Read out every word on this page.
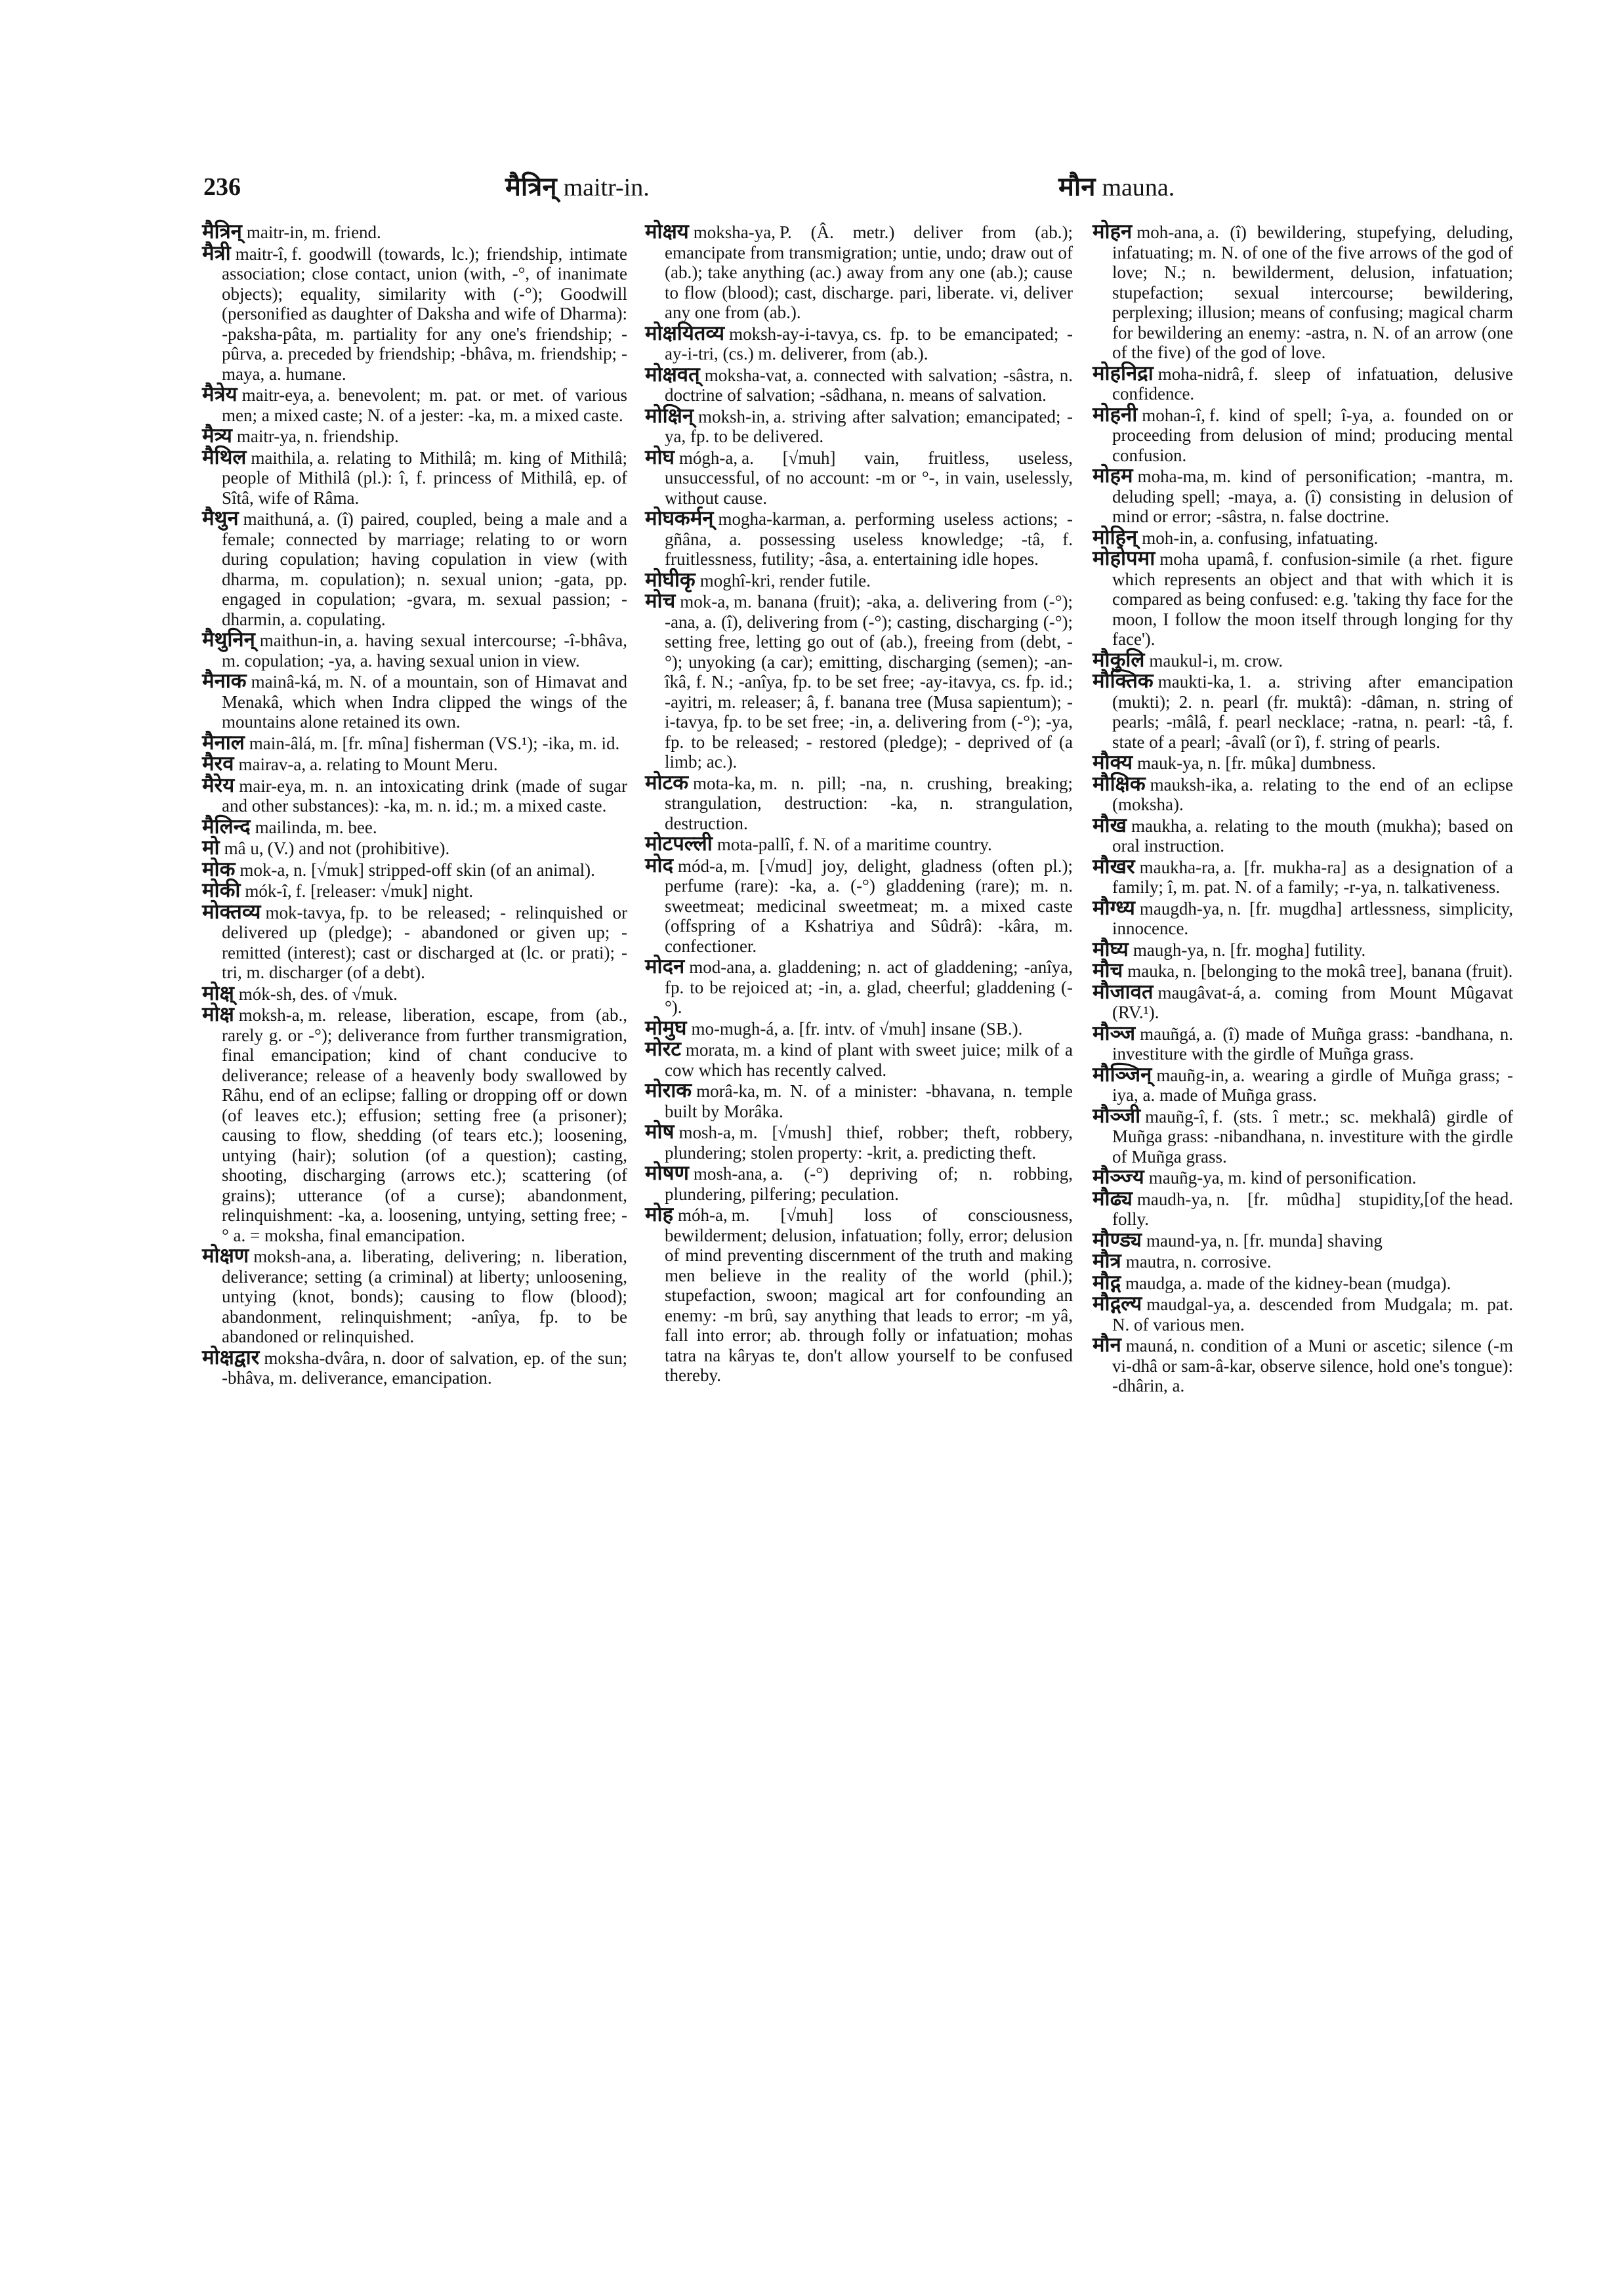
236	मैत्रिन् maitr-in.	मौन mauna.

मैत्रिन् maitr-in, m. friend.

मैत्री maitr-î, f. goodwill (towards, lc.); friendship, intimate association; close contact, union (with, -°, of inanimate objects); equality, similarity with (-°); Goodwill (personified as daughter of Daksha and wife of Dharma): -paksha-pâta, m. partiality for any one's friendship; -pûrva, a. preceded by friendship; -bhâva, m. friendship; -maya, a. humane.

मैत्रेय maitr-eya, a. benevolent; m. pat. or met. of various men; a mixed caste; N. of a jester: -ka, m. a mixed caste.

मैत्र्य maitr-ya, n. friendship.

मैथिल maithila, a. relating to Mithilâ; m. king of Mithilâ; people of Mithilâ (pl.): î, f. princess of Mithilâ, ep. of Sîtâ, wife of Râma.

मैथुन maithuná, a. (î) paired, coupled, being a male and a female; connected by marriage; relating to or worn during copulation; having copulation in view (with dharma, m. copulation); n. sexual union; -gata, pp. engaged in copulation; -gvara, m. sexual passion; -dharmin, a. copulating.

मैथुनिन् maithun-in, a. having sexual intercourse; -î-bhâva, m. copulation; -ya, a. having sexual union in view.

मैनाक mainâ-ká, m. N. of a mountain, son of Himavat and Menakâ, which when Indra clipped the wings of the mountains alone retained its own.

मैनाल main-âlá, m. [fr. mîna] fisherman (VS.¹); -ika, m. id.

मैरव mairav-a, a. relating to Mount Meru.

मैरेय mair-eya, m. n. an intoxicating drink (made of sugar and other substances): -ka, m. n. id.; m. a mixed caste.

मैलिन्द mailinda, m. bee.

मो mâ u, (V.) and not (prohibitive).

मोक mok-a, n. [√muk] stripped-off skin (of an animal).

मोकी mók-î, f. [releaser: √muk] night.

मोक्तव्य mok-tavya, fp. to be released; - relinquished or delivered up (pledge); - abandoned or given up; - remitted (interest); cast or discharged at (lc. or prati); -tri, m. discharger (of a debt).

मोक्ष् mók-sh, des. of √muk.

मोक्ष moksh-a, m. release, liberation, escape, from (ab., rarely g. or -°); deliverance from further transmigration, final emancipation; kind of chant conducive to deliverance; release of a heavenly body swallowed by Râhu, end of an eclipse; falling or dropping off or down (of leaves etc.); effusion; setting free (a prisoner); causing to flow, shedding (of tears etc.); loosening, untying (hair); solution (of a question); casting, shooting, discharging (arrows etc.); scattering (of grains); utterance (of a curse); abandonment, relinquishment: -ka, a. loosening, untying, setting free; -° a. = moksha, final emancipation.

मोक्षण moksh-ana, a. liberating, delivering; n. liberation, deliverance; setting (a criminal) at liberty; unloosening, untying (knot, bonds); causing to flow (blood); abandonment, relinquishment; -anîya, fp. to be abandoned or relinquished.

मोक्षद्वार moksha-dvâra, n. door of salvation, ep. of the sun; -bhâva, m. deliverance, emancipation.

मोक्षय moksha-ya, P. (Â. metr.) deliver from (ab.); emancipate from transmigration; untie, undo; draw out of (ab.); take anything (ac.) away from any one (ab.); cause to flow (blood); cast, discharge. pari, liberate. vi, deliver any one from (ab.).

मोक्षयितव्य moksh-ay-i-tavya, cs. fp. to be emancipated; -ay-i-tri, (cs.) m. deliverer, from (ab.).

मोक्षवत् moksha-vat, a. connected with salvation; -sâstra, n. doctrine of salvation; -sâdhana, n. means of salvation.

मोक्षिन् moksh-in, a. striving after salvation; emancipated; -ya, fp. to be delivered.

मोघ mógh-a, a. [√muh] vain, fruitless, useless, unsuccessful, of no account: -m or °-, in vain, uselessly, without cause.

मोघकर्मन् mogha-karman, a. performing useless actions; -gñâna, a. possessing useless knowledge; -tâ, f. fruitlessness, futility; -âsa, a. entertaining idle hopes.

मोघीकृ moghî-kri, render futile.

मोच mok-a, m. banana (fruit); -aka, a. delivering from (-°); -ana, a. (î), delivering from (-°); casting, discharging (-°); setting free, letting go out of (ab.), freeing from (debt, -°); unyoking (a car); emitting, discharging (semen); -an-îkâ, f. N.; -anîya, fp. to be set free; -ay-itavya, cs. fp. id.; -ayitri, m. releaser; â, f. banana tree (Musa sapientum); -i-tavya, fp. to be set free; -in, a. delivering from (-°); -ya, fp. to be released; - restored (pledge); - deprived of (a limb; ac.).

मोटक mota-ka, m. n. pill; -na, n. crushing, breaking; strangulation, destruction: -ka, n. strangulation, destruction.

मोटपल्ली mota-pallî, f. N. of a maritime country.

मोद mód-a, m. [√mud] joy, delight, gladness (often pl.); perfume (rare): -ka, a. (-°) gladdening (rare); m. n. sweetmeat; medicinal sweetmeat; m. a mixed caste (offspring of a Kshatriya and Sûdrâ): -kâra, m. confectioner.

मोदन mod-ana, a. gladdening; n. act of gladdening; -anîya, fp. to be rejoiced at; -in, a. glad, cheerful; gladdening (-°).

मोमुघ mo-mugh-á, a. [fr. intv. of √muh] insane (SB.).

मोरट morata, m. a kind of plant with sweet juice; milk of a cow which has recently calved.

मोराक morâ-ka, m. N. of a minister: -bhavana, n. temple built by Morâka.

मोष mosh-a, m. [√mush] thief, robber; theft, robbery, plundering; stolen property: -krit, a. predicting theft.

मोषण mosh-ana, a. (-°) depriving of; n. robbing, plundering, pilfering; peculation.

मोह móh-a, m. [√muh] loss of consciousness, bewilderment; delusion, infatuation; folly, error; delusion of mind preventing discernment of the truth and making men believe in the reality of the world (phil.); stupefaction, swoon; magical art for confounding an enemy: -m brû, say anything that leads to error; -m yâ, fall into error; ab. through folly or infatuation; mohas tatra na kâryas te, don't allow yourself to be confused thereby.

मोहन moh-ana, a. (î) bewildering, stupefying, deluding, infatuating; m. N. of one of the five arrows of the god of love; N.; n. bewilderment, delusion, infatuation; stupefaction; sexual intercourse; bewildering, perplexing; illusion; means of confusing; magical charm for bewildering an enemy: -astra, n. N. of an arrow (one of the five) of the god of love.

मोहनिद्रा moha-nidrâ, f. sleep of infatuation, delusive confidence.

मोहनी mohan-î, f. kind of spell; î-ya, a. founded on or proceeding from delusion of mind; producing mental confusion.

मोहम moha-ma, m. kind of personification; -mantra, m. deluding spell; -maya, a. (î) consisting in delusion of mind or error; -sâstra, n. false doctrine.

मोहिन् moh-in, a. confusing, infatuating.

मोहोपमा moha upamâ, f. confusion-simile (a rhet. figure which represents an object and that with which it is compared as being confused: e.g. 'taking thy face for the moon, I follow the moon itself through longing for thy face').

मौकुलि maukul-i, m. crow.

मौक्तिक maukti-ka, 1. a. striving after emancipation (mukti); 2. n. pearl (fr. muktâ): -dâman, n. string of pearls; -mâlâ, f. pearl necklace; -ratna, n. pearl: -tâ, f. state of a pearl; -âvalî (or î), f. string of pearls.

मौक्य mauk-ya, n. [fr. mûka] dumbness.

मौक्षिक mauksh-ika, a. relating to the end of an eclipse (moksha).

मौख maukha, a. relating to the mouth (mukha); based on oral instruction.

मौखर maukha-ra, a. [fr. mukha-ra] as a designation of a family; î, m. pat. N. of a family; -r-ya, n. talkativeness.

मौग्ध्य maugdh-ya, n. [fr. mugdha] artlessness, simplicity, innocence.

मौघ्य maugh-ya, n. [fr. mogha] futility.

मौच mauka, n. [belonging to the mokâ tree], banana (fruit).

मौजावत maugâvat-á, a. coming from Mount Mûgavat (RV.¹).

मौञ्ज mauñgá, a. (î) made of Muñga grass: -bandhana, n. investiture with the girdle of Muñga grass.

मौञ्जिन् mauñg-in, a. wearing a girdle of Muñga grass; -iya, a. made of Muñga grass.

मौञ्जी mauñg-î, f. (sts. î metr.; sc. mekhalâ) girdle of Muñga grass: -nibandhana, n. investiture with the girdle of Muñga grass.

मौञ्ज्य mauñg-ya, m. kind of personification.

[of the head.
मौढ्य maudh-ya, n. [fr. mûdha] stupidity, folly.

मौण्ड्य maund-ya, n. [fr. munda] shaving

मौत्र mautra, n. corrosive.

मौद्ग maudga, a. made of the kidney-bean (mudga).

मौद्गल्य maudgal-ya, a. descended from Mudgala; m. pat. N. of various men.

मौन mauná, n. condition of a Muni or ascetic; silence (-m vi-dhâ or sam-â-kar, observe silence, hold one's tongue): -dhârin, a.
